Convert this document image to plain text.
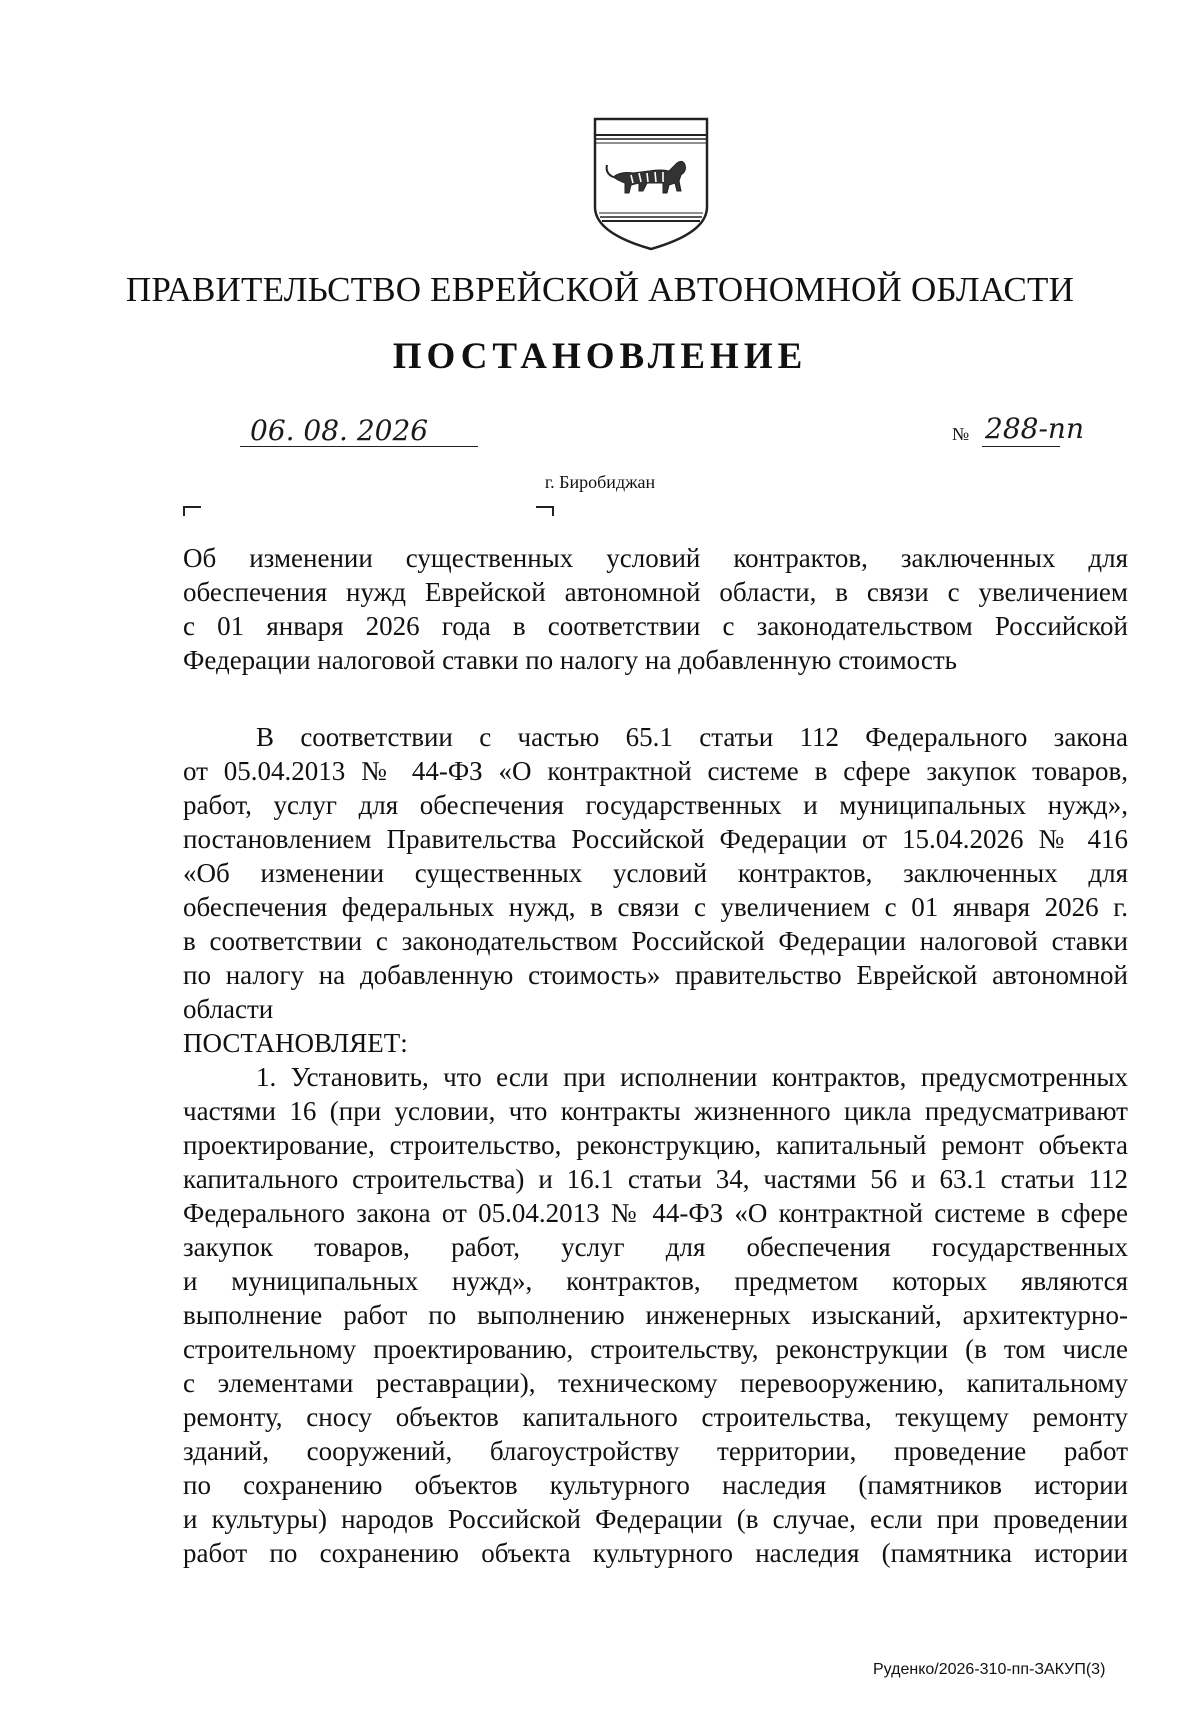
ПРАВИТЕЛЬСТВО ЕВРЕЙСКОЙ АВТОНОМНОЙ ОБЛАСТИ
ПОСТАНОВЛЕНИЕ
06. 08. 2026	№ 288-пп
г. Биробиджан
Об изменении существенных условий контрактов, заключенных для
обеспечения нужд Еврейской автономной области, в связи с увеличением
с 01 января 2026 года в соответствии с законодательством Российской
Федерации налоговой ставки по налогу на добавленную стоимость
В соответствии с частью 65.1 статьи 112 Федерального закона
от 05.04.2013 № 44-ФЗ «О контрактной системе в сфере закупок товаров,
работ, услуг для обеспечения государственных и муниципальных нужд»,
постановлением Правительства Российской Федерации от 15.04.2026 № 416
«Об изменении существенных условий контрактов, заключенных для
обеспечения федеральных нужд, в связи с увеличением с 01 января 2026 г.
в соответствии с законодательством Российской Федерации налоговой ставки
по налогу на добавленную стоимость» правительство Еврейской автономной
области
ПОСТАНОВЛЯЕТ:
1. Установить, что если при исполнении контрактов, предусмотренных
частями 16 (при условии, что контракты жизненного цикла предусматривают
проектирование, строительство, реконструкцию, капитальный ремонт объекта
капитального строительства) и 16.1 статьи 34, частями 56 и 63.1 статьи 112
Федерального закона от 05.04.2013 № 44-ФЗ «О контрактной системе в сфере
закупок товаров, работ, услуг для обеспечения государственных
и муниципальных нужд», контрактов, предметом которых являются
выполнение работ по выполнению инженерных изысканий, архитектурно-
строительному проектированию, строительству, реконструкции (в том числе
с элементами реставрации), техническому перевооружению, капитальному
ремонту, сносу объектов капитального строительства, текущему ремонту
зданий, сооружений, благоустройству территории, проведение работ
по сохранению объектов культурного наследия (памятников истории
и культуры) народов Российской Федерации (в случае, если при проведении
работ по сохранению объекта культурного наследия (памятника истории
Руденко/2026-310-пп-ЗАКУП(3)
